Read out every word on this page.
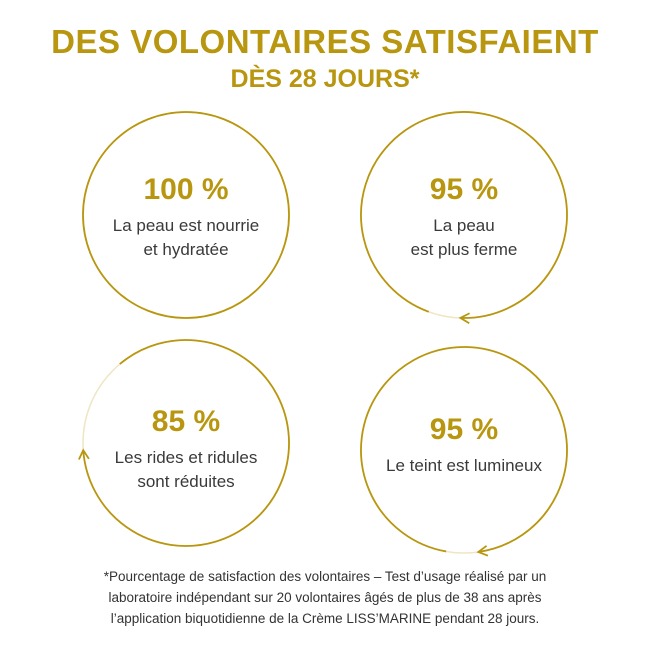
DES VOLONTAIRES SATISFAIENT
DÈS 28 JOURS*
100 %
La peau est nourrie
et hydratée
95 %
La peau
est plus ferme
85 %
Les rides et ridules
sont réduites
95 %
Le teint est lumineux
*Pourcentage de satisfaction des volontaires – Test d’usage réalisé par un
laboratoire indépendant sur 20 volontaires âgés de plus de 38 ans après
l’application biquotidienne de la Crème LISS’MARINE pendant 28 jours.
